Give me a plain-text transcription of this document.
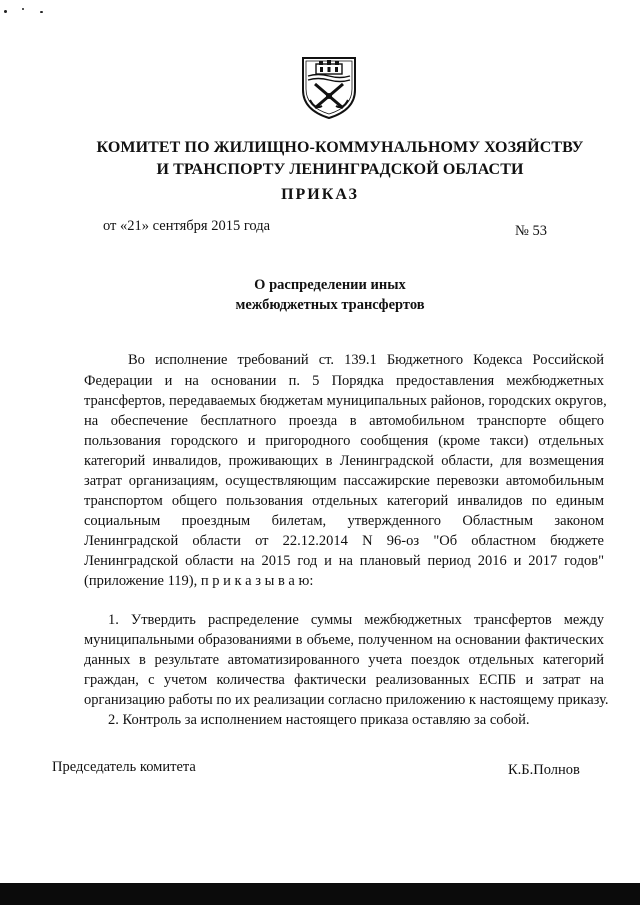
КОМИТЕТ ПО ЖИЛИЩНО-КОММУНАЛЬНОМУ ХОЗЯЙСТВУ
И ТРАНСПОРТУ ЛЕНИНГРАДСКОЙ ОБЛАСТИ
ПРИКАЗ
от «21» сентября 2015 года	№ 53
О распределении иных
межбюджетных трансфертов
Во исполнение требований ст. 139.1 Бюджетного Кодекса Российской
Федерации и на основании п. 5 Порядка предоставления межбюджетных
трансфертов, передаваемых бюджетам муниципальных районов, городских округов,
на обеспечение бесплатного проезда в автомобильном транспорте общего
пользования городского и пригородного сообщения (кроме такси) отдельных
категорий инвалидов, проживающих в Ленинградской области, для возмещения
затрат организациям, осуществляющим пассажирские перевозки автомобильным
транспортом общего пользования отдельных категорий инвалидов по единым
социальным проездным билетам, утвержденного Областным законом
Ленинградской области от 22.12.2014 N 96-оз "Об областном бюджете
Ленинградской области на 2015 год и на плановый период 2016 и 2017 годов"
(приложение 119), п р и к а з ы в а ю:
1. Утвердить распределение суммы межбюджетных трансфертов между
муниципальными образованиями в объеме, полученном на основании фактических
данных в результате автоматизированного учета поездок отдельных категорий
граждан, с учетом количества фактически реализованных ЕСПБ и затрат на
организацию работы по их реализации согласно приложению к настоящему приказу.
2. Контроль за исполнением настоящего приказа оставляю за собой.
Председатель комитета	К.Б.Полнов
